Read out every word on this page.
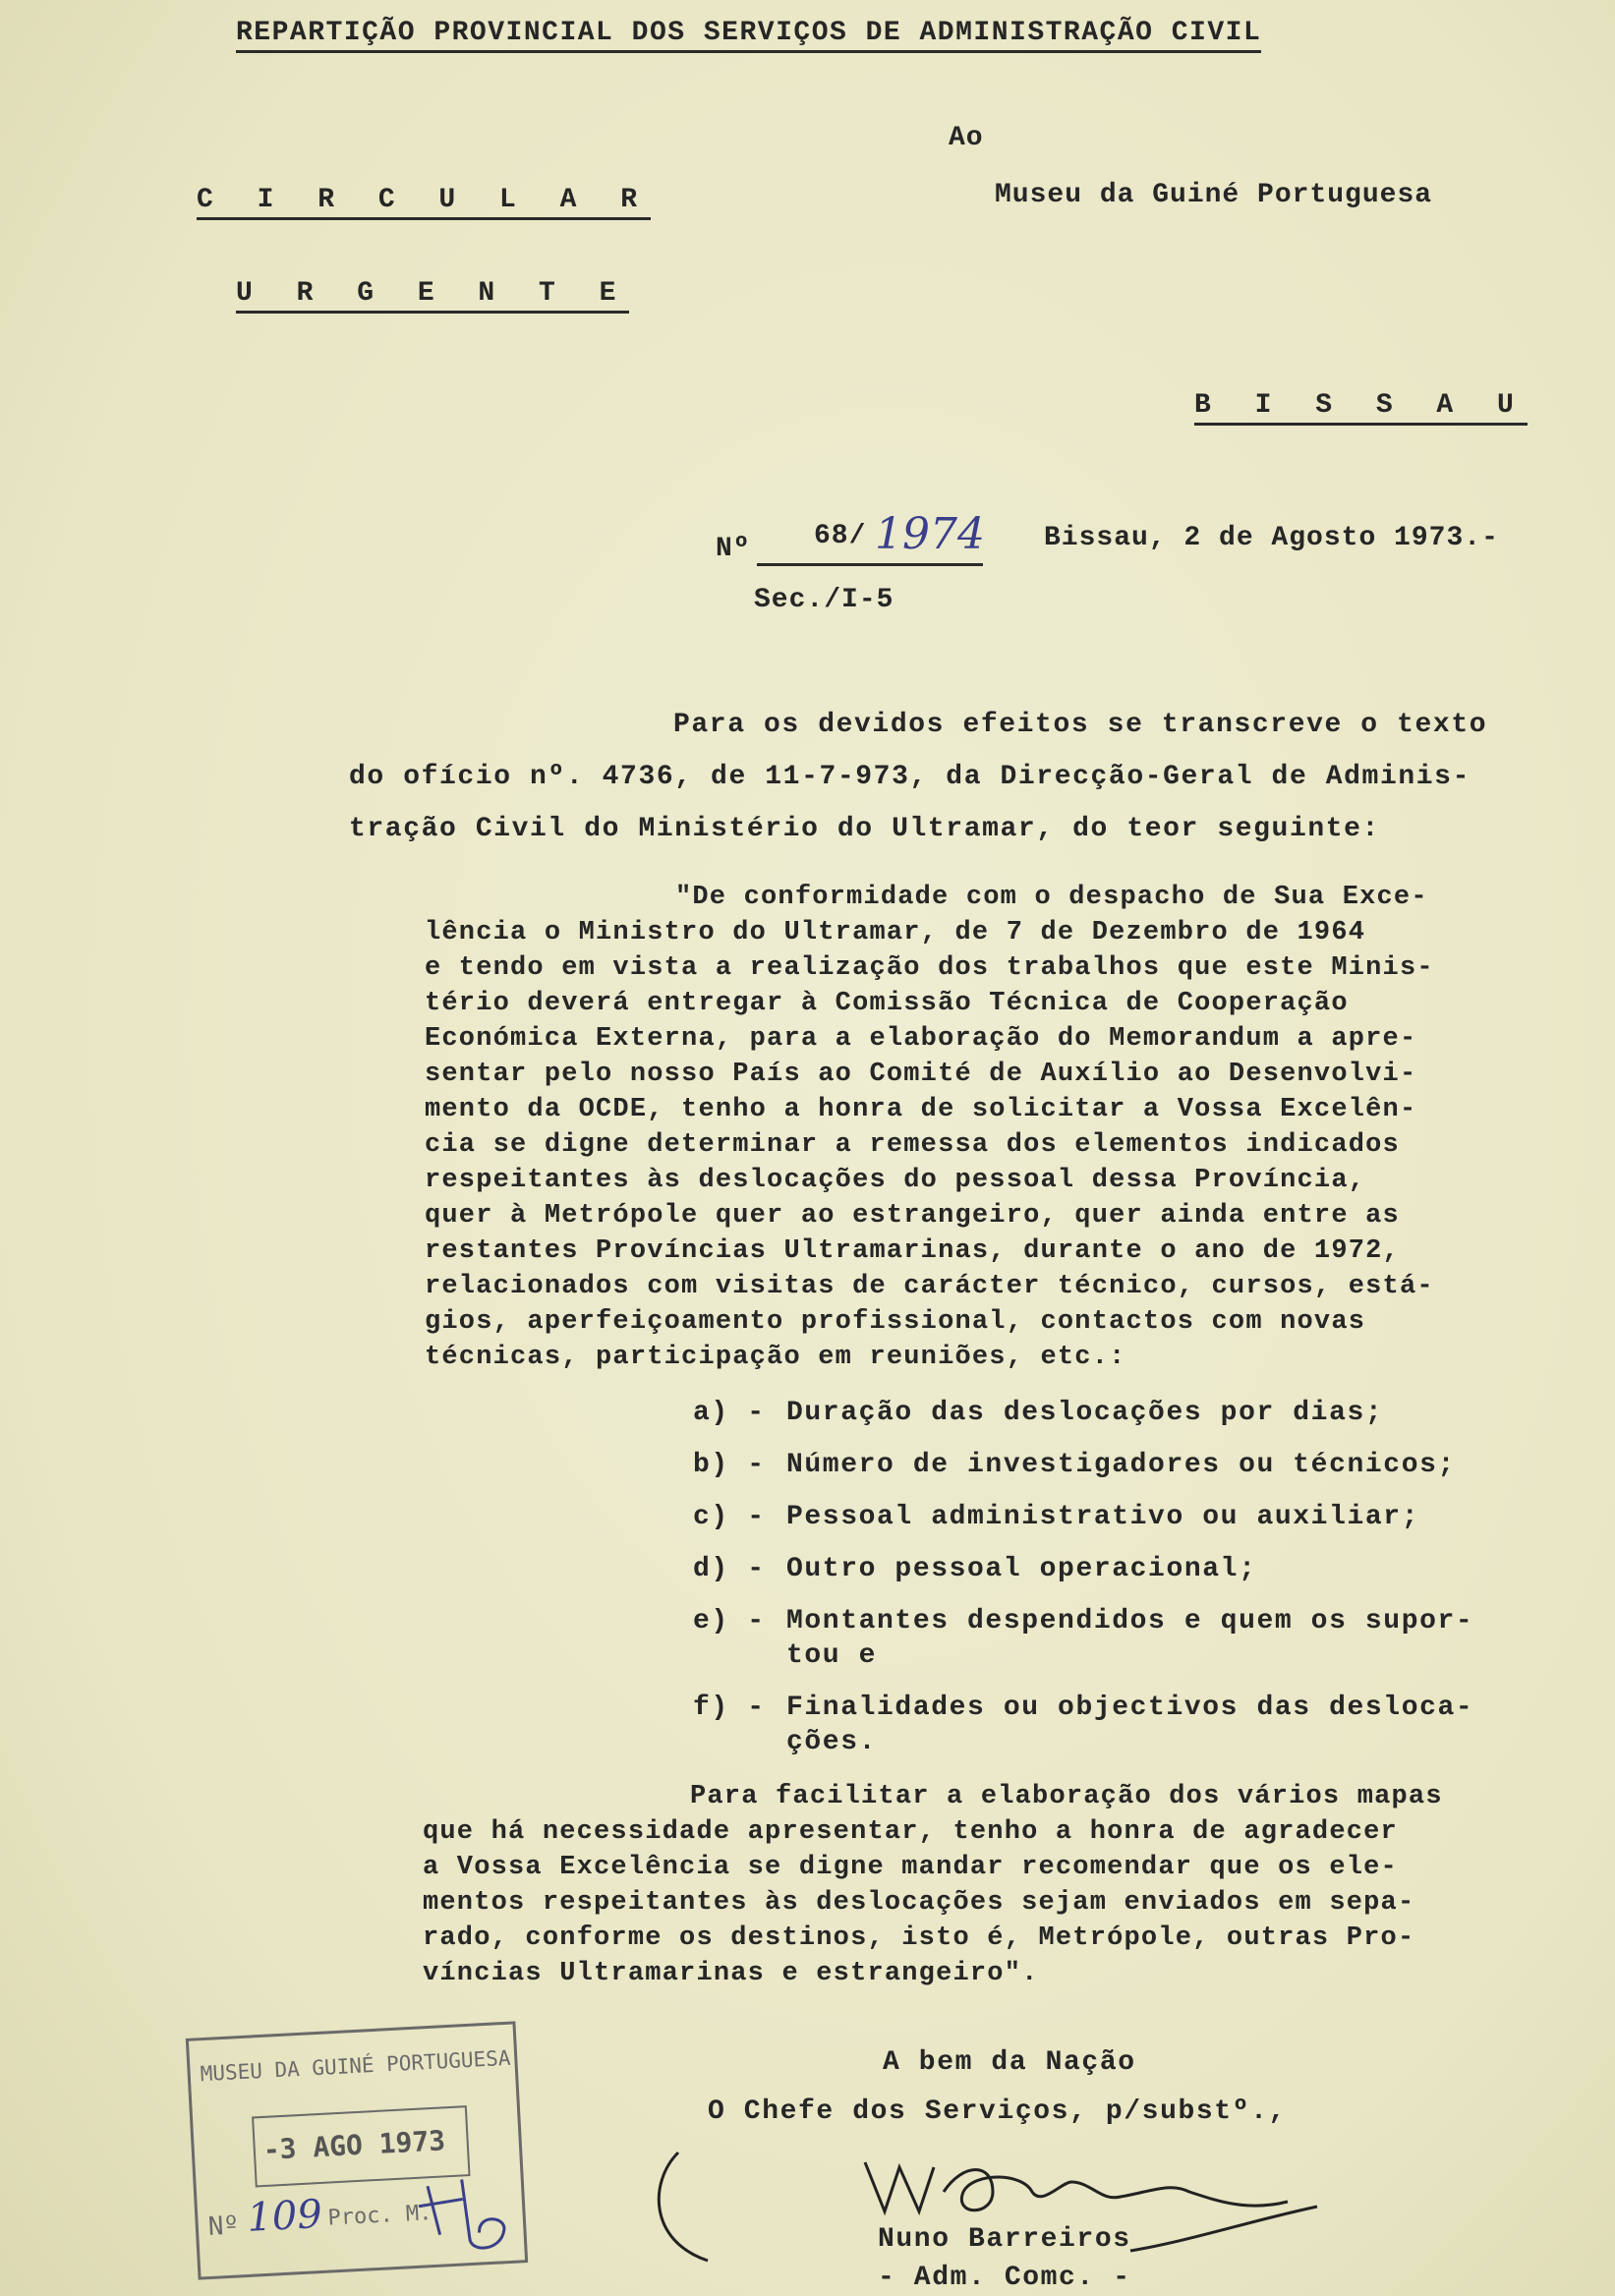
REPARTIÇÃO PROVINCIAL DOS SERVIÇOS DE ADMINISTRAÇÃO CIVIL
Ao
Museu da Guiné Portuguesa
B I S S A U
C I R C U L A R
U R G E N T E
Nº 68/ 1974 Bissau, 2 de Agosto 1973.-
Sec./I-5
Para os devidos efeitos se transcreve o texto
do ofício nº. 4736, de 11-7-973, da Direcção-Geral de Adminis-
tração Civil do Ministério do Ultramar, do teor seguinte:
"De conformidade com o despacho de Sua Exce-
lência o Ministro do Ultramar, de 7 de Dezembro de 1964
e tendo em vista a realização dos trabalhos que este Minis-
tério deverá entregar à Comissão Técnica de Cooperação
Económica Externa, para a elaboração do Memorandum a apre-
sentar pelo nosso País ao Comité de Auxílio ao Desenvolvi-
mento da OCDE, tenho a honra de solicitar a Vossa Excelên-
cia se digne determinar a remessa dos elementos indicados
respeitantes às deslocações do pessoal dessa Província,
quer à Metrópole quer ao estrangeiro, quer ainda entre as
restantes Províncias Ultramarinas, durante o ano de 1972,
relacionados com visitas de carácter técnico, cursos, está-
gios, aperfeiçoamento profissional, contactos com novas
técnicas, participação em reuniões, etc.:
a) - Duração das deslocações por dias;
b) - Número de investigadores ou técnicos;
c) - Pessoal administrativo ou auxiliar;
d) - Outro pessoal operacional;
e) - Montantes despendidos e quem os supor-
tou e
f) - Finalidades ou objectivos das desloca-
ções.
Para facilitar a elaboração dos vários mapas
que há necessidade apresentar, tenho a honra de agradecer
a Vossa Excelência se digne mandar recomendar que os ele-
mentos respeitantes às deslocações sejam enviados em sepa-
rado, conforme os destinos, isto é, Metrópole, outras Pro-
víncias Ultramarinas e estrangeiro".
A bem da Nação
O Chefe dos Serviços, p/substº.,
Nuno Barreiros
- Adm. Comc. -
MUSEU DA GUINÉ PORTUGUESA
-3 AGO 1973
Nº 109 Proc. M.
